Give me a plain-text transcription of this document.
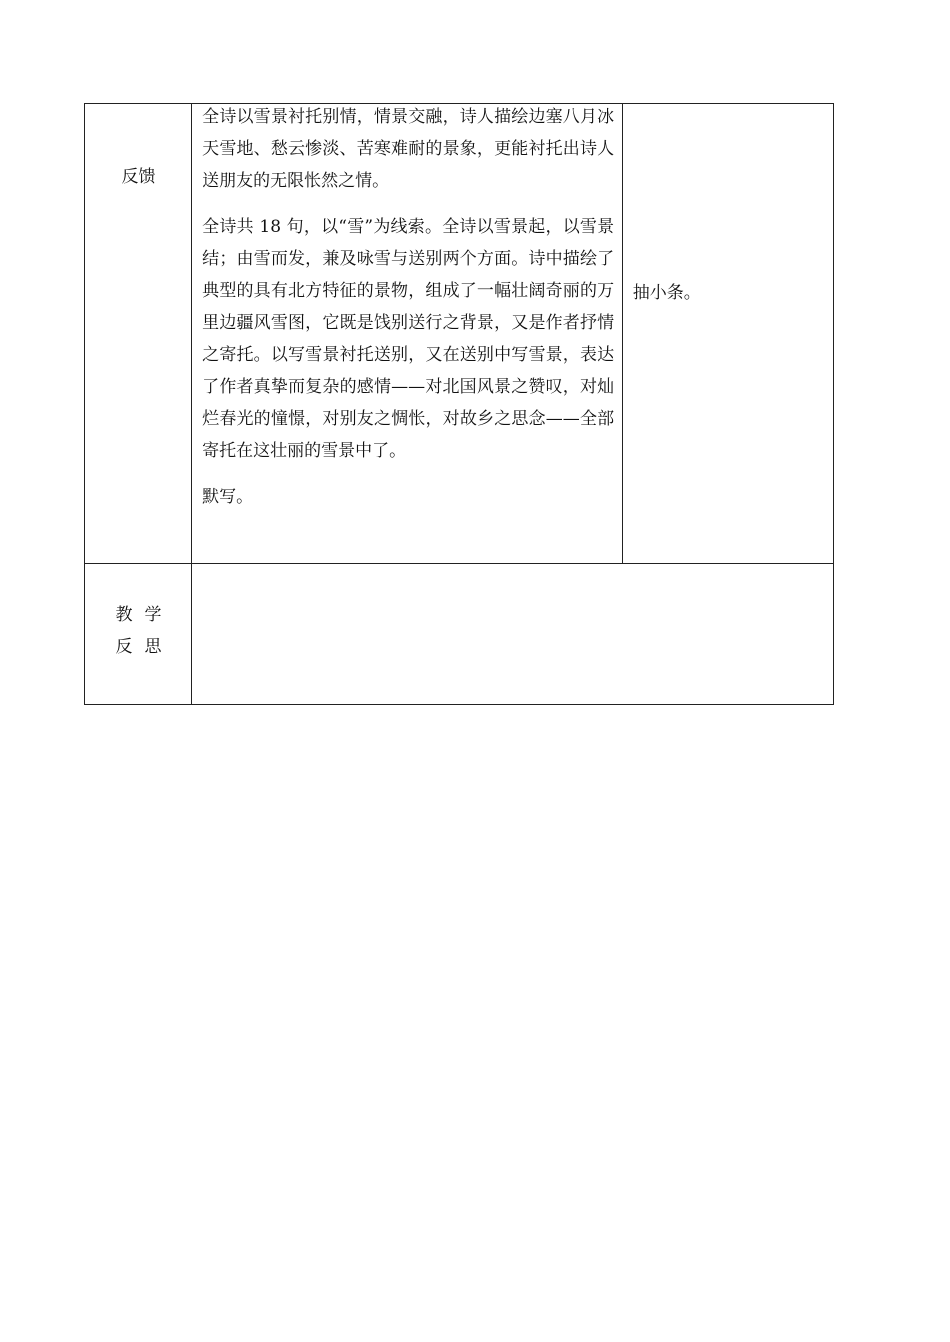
反馈	全诗以雪景衬托别情，情景交融，诗人描绘边塞八月冰天雪地、愁云惨淡、苦寒难耐的景象，更能衬托出诗人送朋友的无限怅然之情。

全诗共 18 句，以“雪”为线索。全诗以雪景起，以雪景结；由雪而发，兼及咏雪与送别两个方面。诗中描绘了典型的具有北方特征的景物，组成了一幅壮阔奇丽的万里边疆风雪图，它既是饯别送行之背景，又是作者抒情之寄托。以写雪景衬托送别，又在送别中写雪景，表达了作者真挚而复杂的感情——对北国风景之赞叹，对灿烂春光的憧憬，对别友之惆怅，对故乡之思念——全部寄托在这壮丽的雪景中了。

默写。	抽小条。

教学
反思		
